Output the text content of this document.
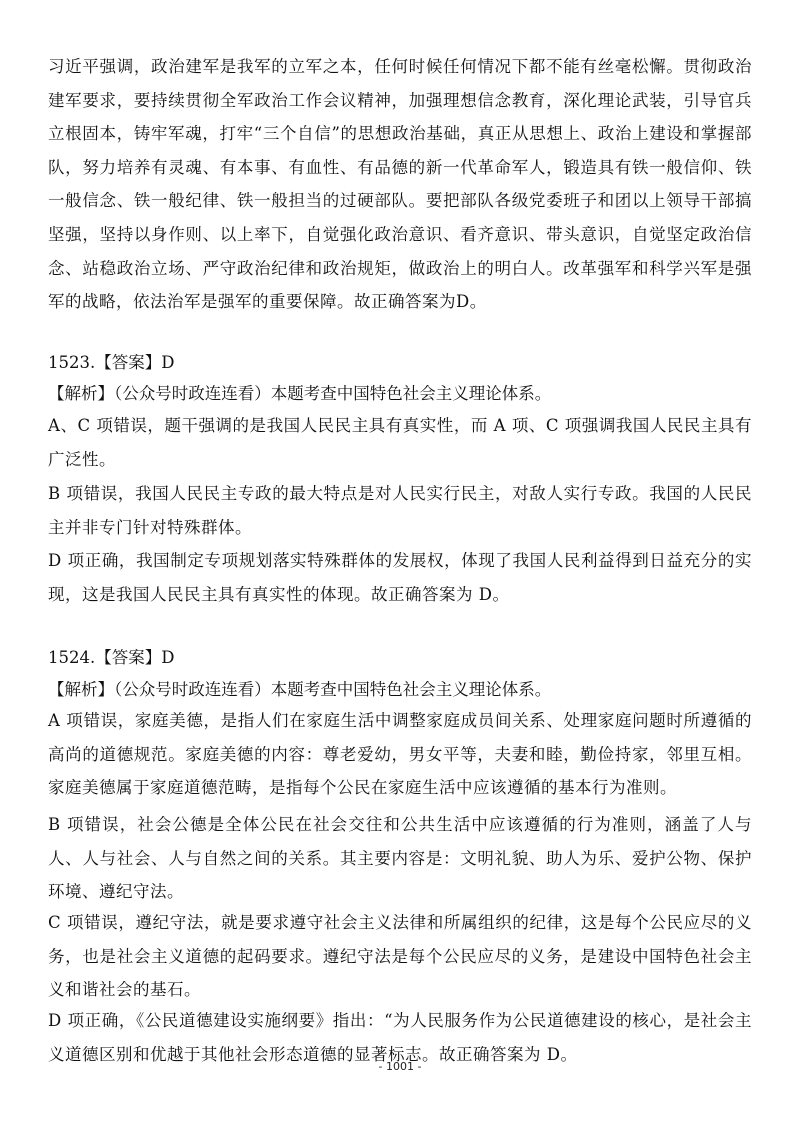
习近平强调，政治建军是我军的立军之本，任何时候任何情况下都不能有丝毫松懈。贯彻政治建军要求，要持续贯彻全军政治工作会议精神，加强理想信念教育，深化理论武装，引导官兵立根固本，铸牢军魂，打牢“三个自信”的思想政治基础，真正从思想上、政治上建设和掌握部队，努力培养有灵魂、有本事、有血性、有品德的新一代革命军人，锻造具有铁一般信仰、铁一般信念、铁一般纪律、铁一般担当的过硬部队。要把部队各级党委班子和团以上领导干部搞坚强，坚持以身作则、以上率下，自觉强化政治意识、看齐意识、带头意识，自觉坚定政治信念、站稳政治立场、严守政治纪律和政治规矩，做政治上的明白人。改革强军和科学兴军是强军的战略，依法治军是强军的重要保障。故正确答案为D。

1523.【答案】D

【解析】（公众号时政连连看）本题考查中国特色社会主义理论体系。

A、C 项错误，题干强调的是我国人民民主具有真实性，而 A 项、C 项强调我国人民民主具有广泛性。

B 项错误，我国人民民主专政的最大特点是对人民实行民主，对敌人实行专政。我国的人民民主并非专门针对特殊群体。

D 项正确，我国制定专项规划落实特殊群体的发展权，体现了我国人民利益得到日益充分的实现，这是我国人民民主具有真实性的体现。故正确答案为 D。

1524.【答案】D

【解析】（公众号时政连连看）本题考查中国特色社会主义理论体系。

A 项错误，家庭美德，是指人们在家庭生活中调整家庭成员间关系、处理家庭问题时所遵循的高尚的道德规范。家庭美德的内容：尊老爱幼，男女平等，夫妻和睦，勤俭持家，邻里互相。家庭美德属于家庭道德范畴，是指每个公民在家庭生活中应该遵循的基本行为准则。

B 项错误，社会公德是全体公民在社会交往和公共生活中应该遵循的行为准则，涵盖了人与人、人与社会、人与自然之间的关系。其主要内容是：文明礼貌、助人为乐、爱护公物、保护环境、遵纪守法。

C 项错误，遵纪守法，就是要求遵守社会主义法律和所属组织的纪律，这是每个公民应尽的义务，也是社会主义道德的起码要求。遵纪守法是每个公民应尽的义务，是建设中国特色社会主义和谐社会的基石。

D 项正确，《公民道德建设实施纲要》指出：“为人民服务作为公民道德建设的核心，是社会主义道德区别和优越于其他社会形态道德的显著标志。故正确答案为 D。

- 1001 -
